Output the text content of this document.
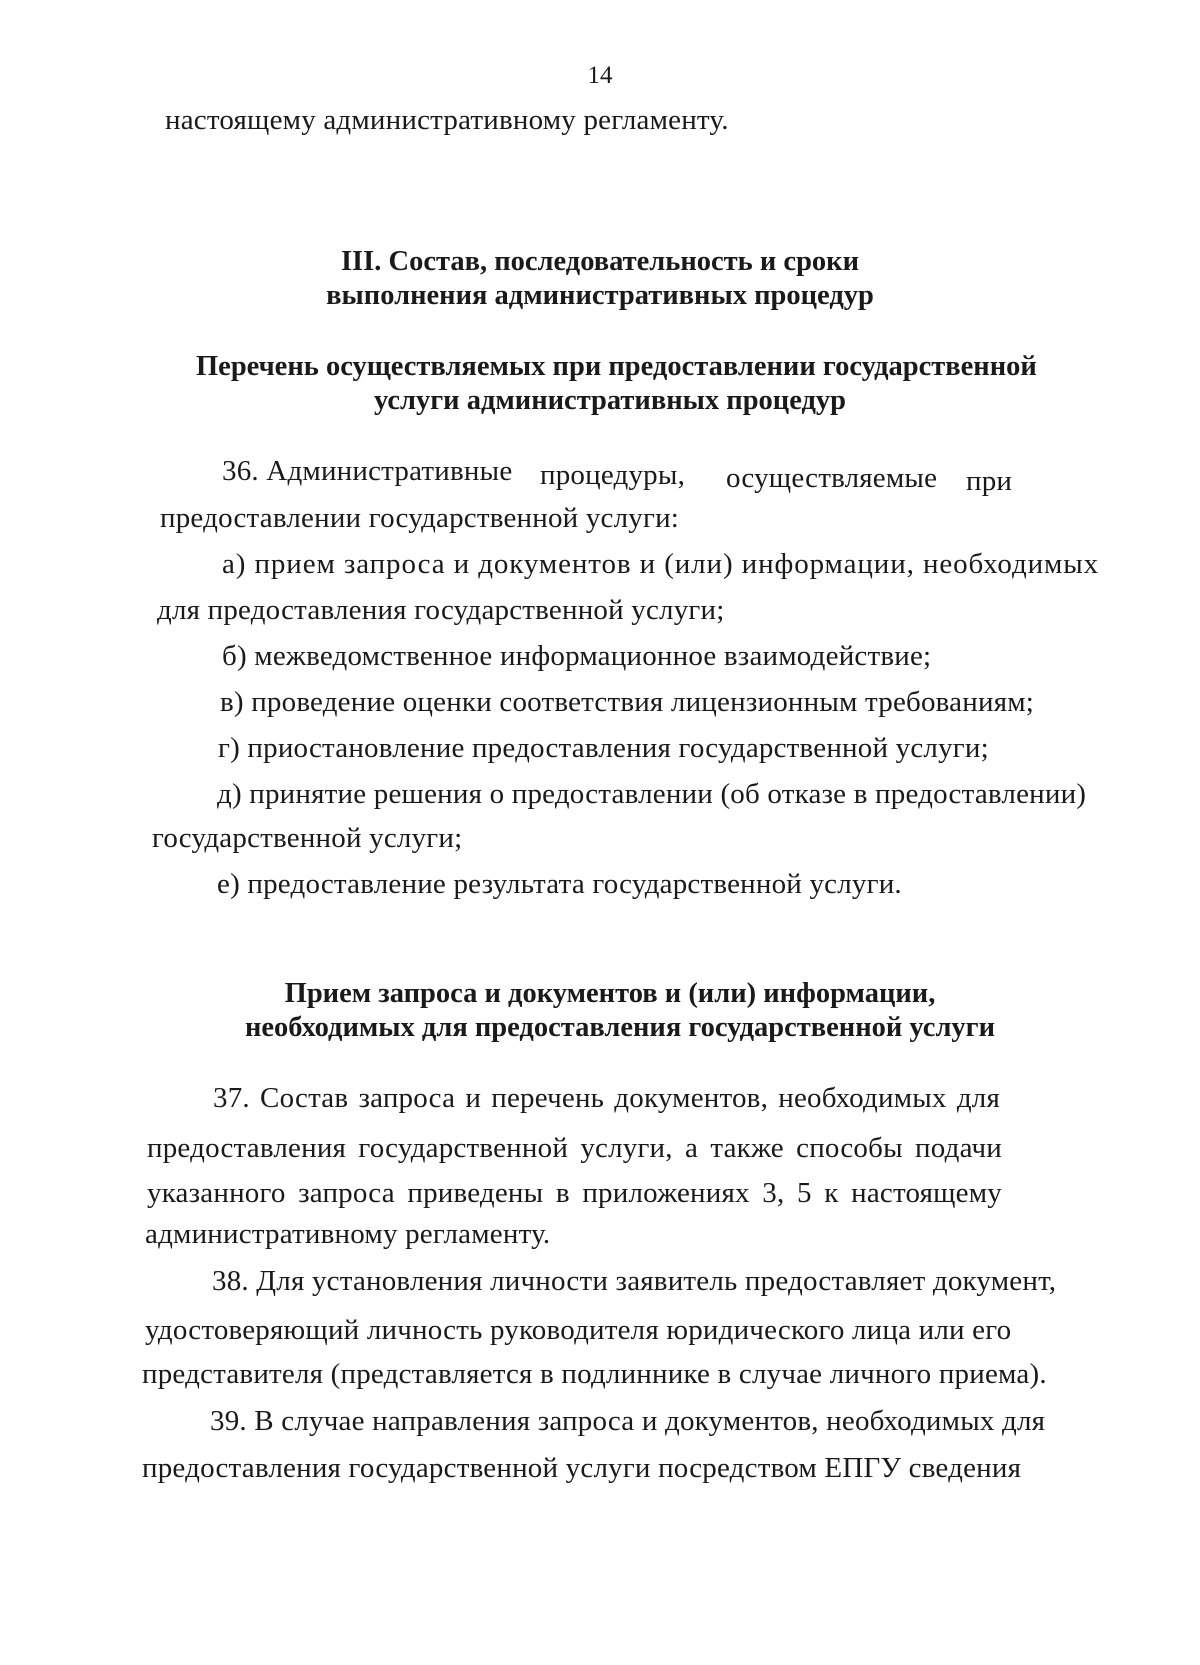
14
настоящему административному регламенту.
III. Состав, последовательность и сроки
выполнения административных процедур
Перечень осуществляемых при предоставлении государственной
услуги административных процедур
36. Административные процедуры, осуществляемые при
предоставлении государственной услуги:
а) прием запроса и документов и (или) информации, необходимых
для предоставления государственной услуги;
б) межведомственное информационное взаимодействие;
в) проведение оценки соответствия лицензионным требованиям;
г) приостановление предоставления государственной услуги;
д) принятие решения о предоставлении (об отказе в предоставлении)
государственной услуги;
е) предоставление результата государственной услуги.
Прием запроса и документов и (или) информации,
необходимых для предоставления государственной услуги
37. Состав запроса и перечень документов, необходимых для
предоставления государственной услуги, а также способы подачи
указанного запроса приведены в приложениях 3, 5 к настоящему
административному регламенту.
38. Для установления личности заявитель предоставляет документ,
удостоверяющий личность руководителя юридического лица или его
представителя (представляется в подлиннике в случае личного приема).
39. В случае направления запроса и документов, необходимых для
предоставления государственной услуги посредством ЕПГУ сведения
